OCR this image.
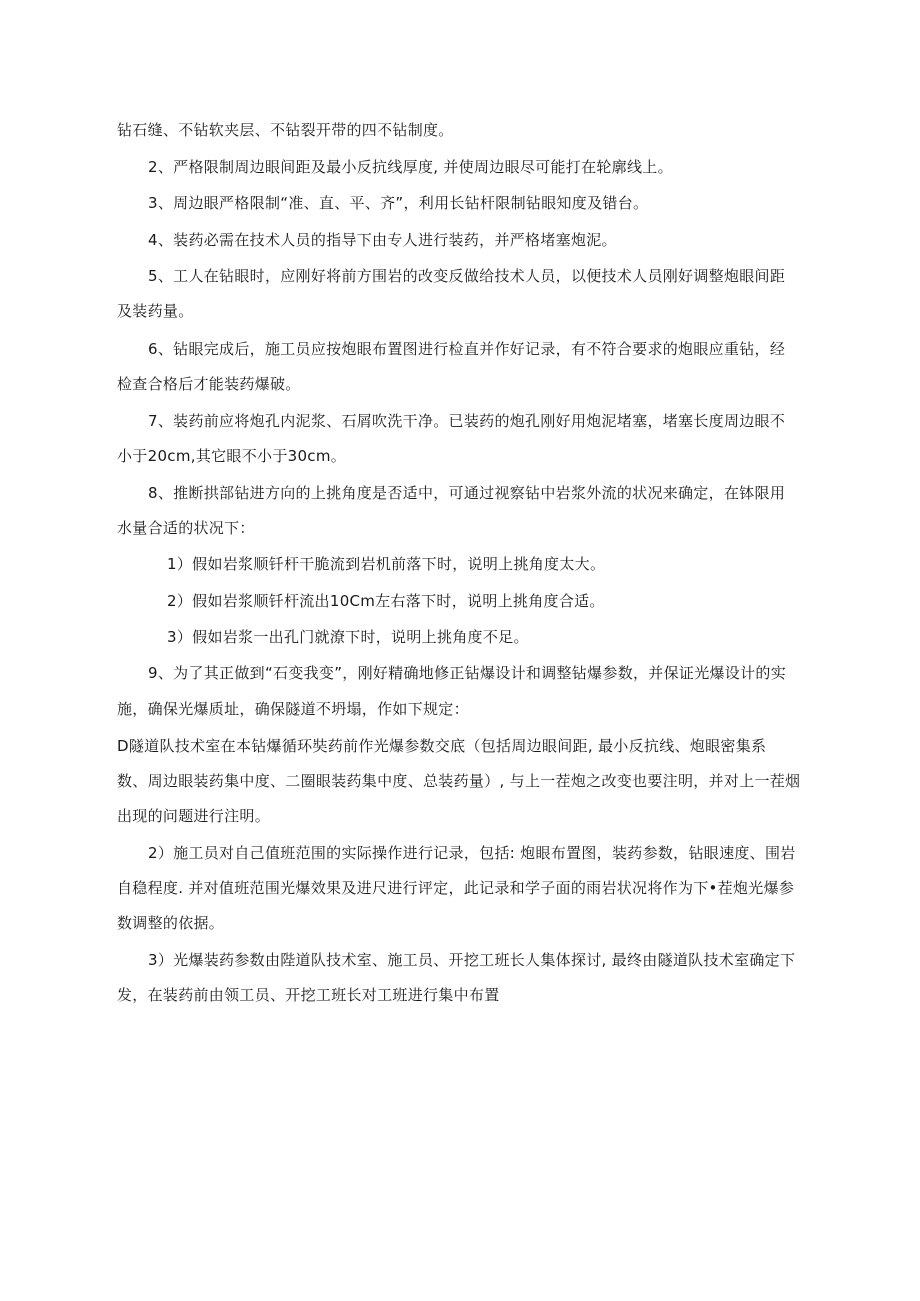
钻石缝、不钻软夹层、不钻裂开带的四不钻制度。
2、严格限制周边眼间距及最小反抗线厚度, 并使周边眼尽可能打在轮廓线上。
3、周边眼严格限制“准、直、平、齐”，利用长钻杆限制钻眼知度及错台。
4、装药必需在技术人员的指导下由专人进行装药，并严格堵塞炮泥。
5、工人在钻眼时，应刚好将前方围岩的改变反做给技术人员，以便技术人员刚好调整炮眼间距
及装药量。
6、钻眼完成后，施工员应按炮眼布置图进行检直并作好记录，有不符合要求的炮眼应重钻，经
检查合格后才能装药爆破。
7、装药前应将炮孔内泥浆、石屑吹洗干净。已装药的炮孔刚好用炮泥堵塞，堵塞长度周边眼不
小于20cm,其它眼不小于30cm。
8、推断拱部钻进方向的上挑角度是否适中，可通过视察钻中岩浆外流的状况来确定，在钵限用
水量合适的状况下：
1）假如岩浆顺钎杆干脆流到岩机前落下时，说明上挑角度太大。
2）假如岩浆顺钎杆流出10Cm左右落下时，说明上挑角度合适。
3）假如岩浆一出孔门就潦下时，说明上挑角度不足。
9、为了其正做到“石变我变”，刚好精确地修正钻爆设计和调整钻爆参数，并保证光爆设计的实
施，确保光爆质址，确保隧道不坍塌，作如下规定：
D隧道队技术室在本钻爆循环奘药前作光爆参数交底（包括周边眼间距, 最小反抗线、炮眼密集系
数、周边眼装药集中度、二圈眼装药集中度、总装药量）, 与上一茬炮之改变也要注明，并对上一茬烟
出现的问题进行注明。
2）施工员对自己值班范围的实际操作进行记录，包括: 炮眼布置图，装药参数，钻眼速度、围岩
自稳程度. 并对值班范围光爆效果及进尺进行评定，此记录和学子面的雨岩状况将作为下•茬炮光爆参
数调整的依据。
3）光爆装药参数由陛道队技术室、施工员、开挖工班长人集体探讨, 最终由隧道队技术室确定下
发，在装药前由领工员、开挖工班长对工班进行集中布置
